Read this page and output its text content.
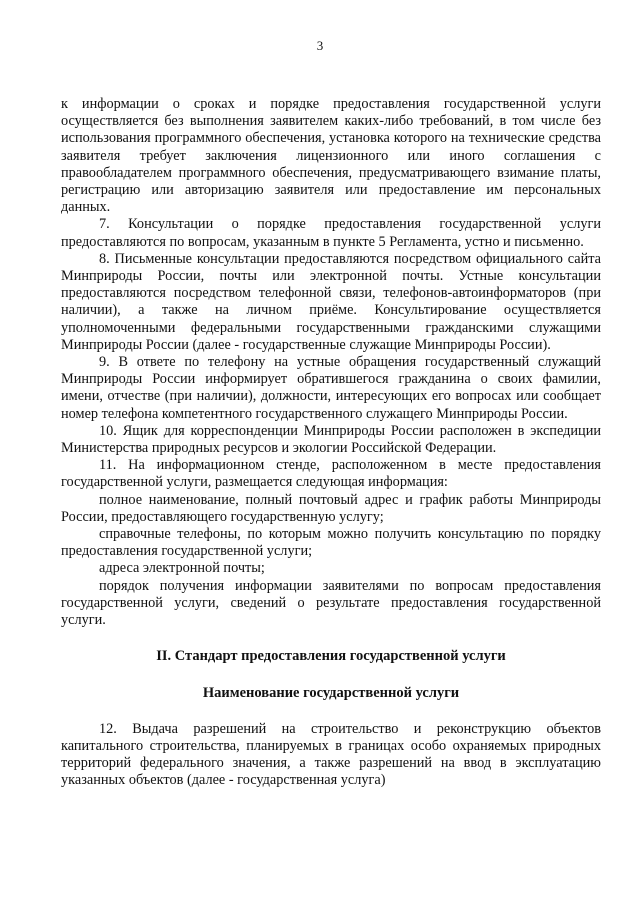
3

к информации о сроках и порядке предоставления государственной услуги осуществляется без выполнения заявителем каких-либо требований, в том числе без использования программного обеспечения, установка которого на технические средства заявителя требует заключения лицензионного или иного соглашения с правообладателем программного обеспечения, предусматривающего взимание платы, регистрацию или авторизацию заявителя или предоставление им персональных данных.

7. Консультации о порядке предоставления государственной услуги предоставляются по вопросам, указанным в пункте 5 Регламента, устно и письменно.

8. Письменные консультации предоставляются посредством официального сайта Минприроды России, почты или электронной почты. Устные консультации предоставляются посредством телефонной связи, телефонов-автоинформаторов (при наличии), а также на личном приёме. Консультирование осуществляется уполномоченными федеральными государственными гражданскими служащими Минприроды России (далее - государственные служащие Минприроды России).

9. В ответе по телефону на устные обращения государственный служащий Минприроды России информирует обратившегося гражданина о своих фамилии, имени, отчестве (при наличии), должности, интересующих его вопросах или сообщает номер телефона компетентного государственного служащего Минприроды России.

10. Ящик для корреспонденции Минприроды России расположен в экспедиции Министерства природных ресурсов и экологии Российской Федерации.

11. На информационном стенде, расположенном в месте предоставления государственной услуги, размещается следующая информация:

полное наименование, полный почтовый адрес и график работы Минприроды России, предоставляющего государственную услугу;

справочные телефоны, по которым можно получить консультацию по порядку предоставления государственной услуги;

адреса электронной почты;

порядок получения информации заявителями по вопросам предоставления государственной услуги, сведений о результате предоставления государственной услуги.

II. Стандарт предоставления государственной услуги
Наименование государственной услуги

12. Выдача разрешений на строительство и реконструкцию объектов капитального строительства, планируемых в границах особо охраняемых природных территорий федерального значения, а также разрешений на ввод в эксплуатацию указанных объектов (далее - государственная услуга)
